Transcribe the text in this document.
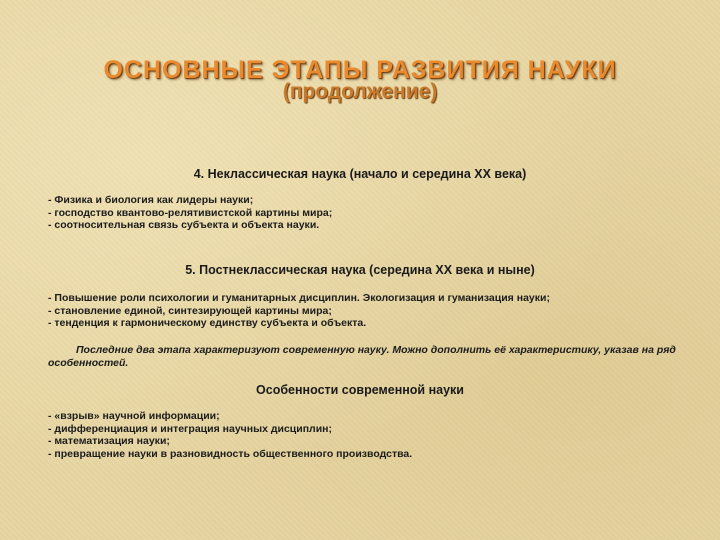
ОСНОВНЫЕ ЭТАПЫ РАЗВИТИЯ НАУКИ
(продолжение)
4. Неклассическая наука (начало и середина XX века)
- Физика и биология как лидеры науки;
- господство квантово-релятивистской картины мира;
- соотносительная связь субъекта и объекта науки.
5. Постнеклассическая наука (середина XX века и ныне)
- Повышение роли психологии и гуманитарных дисциплин. Экологизация и гуманизация науки;
- становление единой, синтезирующей картины мира;
- тенденция к гармоническому единству субъекта и объекта.

Последние два этапа характеризуют современную науку. Можно дополнить её характеристику, указав на ряд особенностей.

Особенности современной науки
- «взрыв» научной информации;
- дифференциация и интеграция научных дисциплин;
- математизация науки;
- превращение науки в разновидность общественного производства.
